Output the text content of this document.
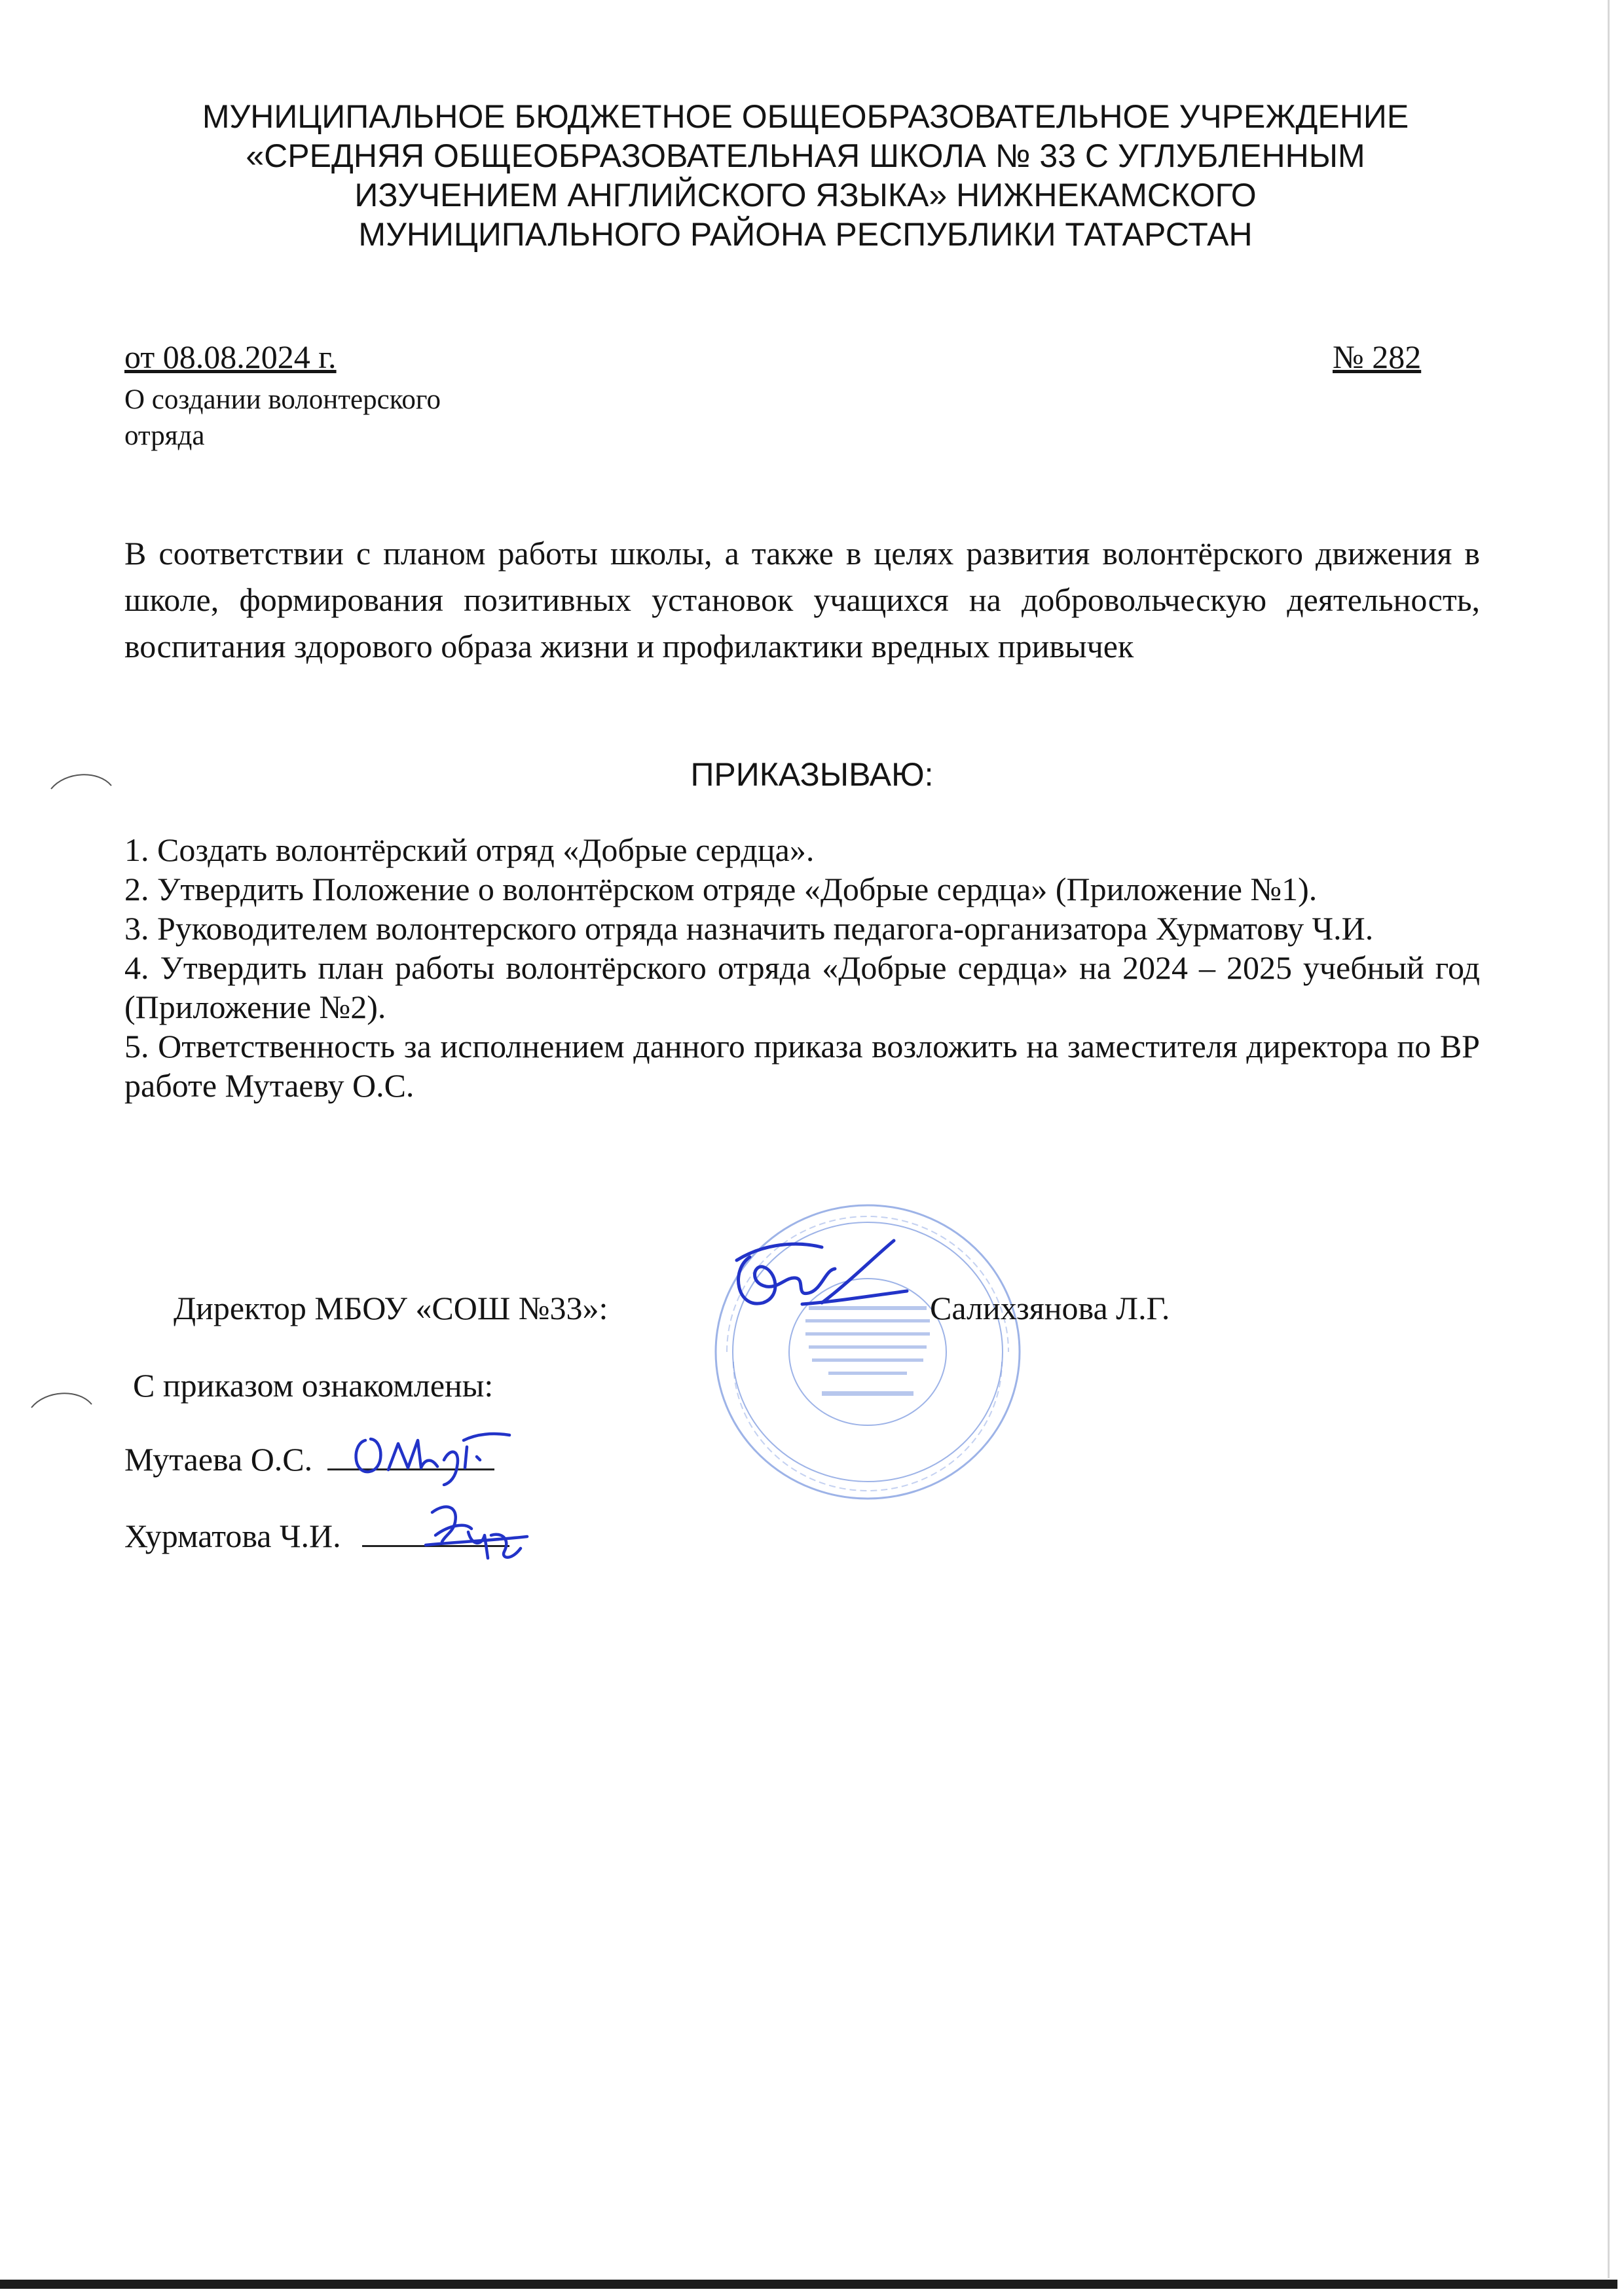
МУНИЦИПАЛЬНОЕ БЮДЖЕТНОЕ ОБЩЕОБРАЗОВАТЕЛЬНОЕ УЧРЕЖДЕНИЕ
«СРЕДНЯЯ ОБЩЕОБРАЗОВАТЕЛЬНАЯ ШКОЛА № 33 С УГЛУБЛЕННЫМ
ИЗУЧЕНИЕМ АНГЛИЙСКОГО ЯЗЫКА» НИЖНЕКАМСКОГО
МУНИЦИПАЛЬНОГО РАЙОНА РЕСПУБЛИКИ ТАТАРСТАН
от 08.08.2024 г.	№ 282
О создании волонтерского
отряда
В соответствии с планом работы школы, а также в целях развития волонтёрского движения в школе, формирования позитивных установок учащихся на добровольческую деятельность, воспитания здорового образа жизни и профилактики вредных привычек
ПРИКАЗЫВАЮ:
1. Создать волонтёрский отряд «Добрые сердца».
2. Утвердить Положение о волонтёрском отряде «Добрые сердца» (Приложение №1).
3. Руководителем волонтерского отряда назначить педагога-организатора Хурматову Ч.И.
4. Утвердить план работы волонтёрского отряда «Добрые сердца» на 2024 – 2025 учебный год (Приложение №2).
5. Ответственность за исполнением данного приказа возложить на заместителя директора по ВР работе Мутаеву О.С.
Директор МБОУ «СОШ №33»:	Салихзянова Л.Г.
С приказом ознакомлены:
Мутаева О.С.
Хурматова Ч.И.
